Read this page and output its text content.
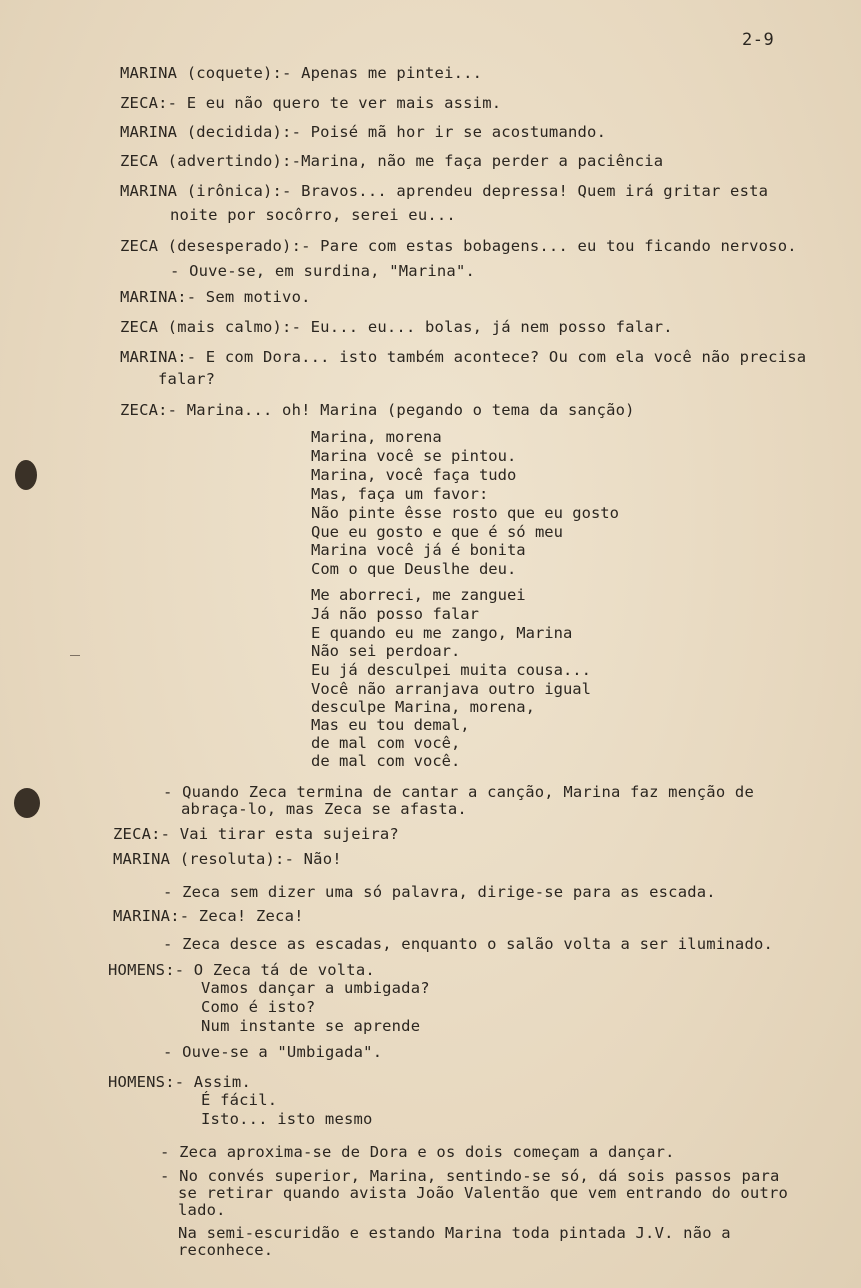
2-9
MARINA (coquete):- Apenas me pintei...
ZECA:- E eu não quero te ver mais assim.
MARINA (decidida):- Poisé mã hor ir se acostumando.
ZECA (advertindo):-Marina, não me faça perder a paciência
MARINA (irônica):- Bravos... aprendeu depressa! Quem irá gritar esta
noite por socôrro, serei eu...
ZECA (desesperado):- Pare com estas bobagens... eu tou ficando nervoso.
- Ouve-se, em surdina, "Marina".
MARINA:- Sem motivo.
ZECA (mais calmo):- Eu... eu... bolas, já nem posso falar.
MARINA:- E com Dora... isto também acontece? Ou com ela você não precisa
falar?
ZECA:- Marina... oh! Marina (pegando o tema da sanção)
Marina, morena
Marina você se pintou.
Marina, você faça tudo
Mas, faça um favor:
Não pinte êsse rosto que eu gosto
Que eu gosto e que é só meu
Marina você já é bonita
Com o que Deuslhe deu.
Me aborreci, me zanguei
Já não posso falar
E quando eu me zango, Marina
Não sei perdoar.
Eu já desculpei muita cousa...
Você não arranjava outro igual
desculpe Marina, morena,
Mas eu tou demal,
de mal com você,
de mal com você.
- Quando Zeca termina de cantar a canção, Marina faz menção de
abraça-lo, mas Zeca se afasta.
ZECA:- Vai tirar esta sujeira?
MARINA (resoluta):- Não!
- Zeca sem dizer uma só palavra, dirige-se para as escada.
MARINA:- Zeca! Zeca!
- Zeca desce as escadas, enquanto o salão volta a ser iluminado.
HOMENS:- O Zeca tá de volta.
Vamos dançar a umbigada?
Como é isto?
Num instante se aprende
- Ouve-se a "Umbigada".
HOMENS:- Assim.
É fácil.
Isto... isto mesmo
- Zeca aproxima-se de Dora e os dois começam a dançar.
- No convés superior, Marina, sentindo-se só, dá sois passos para
se retirar quando avista João Valentão que vem entrando do outro
lado.
Na semi-escuridão e estando Marina toda pintada J.V. não a
reconhece.
